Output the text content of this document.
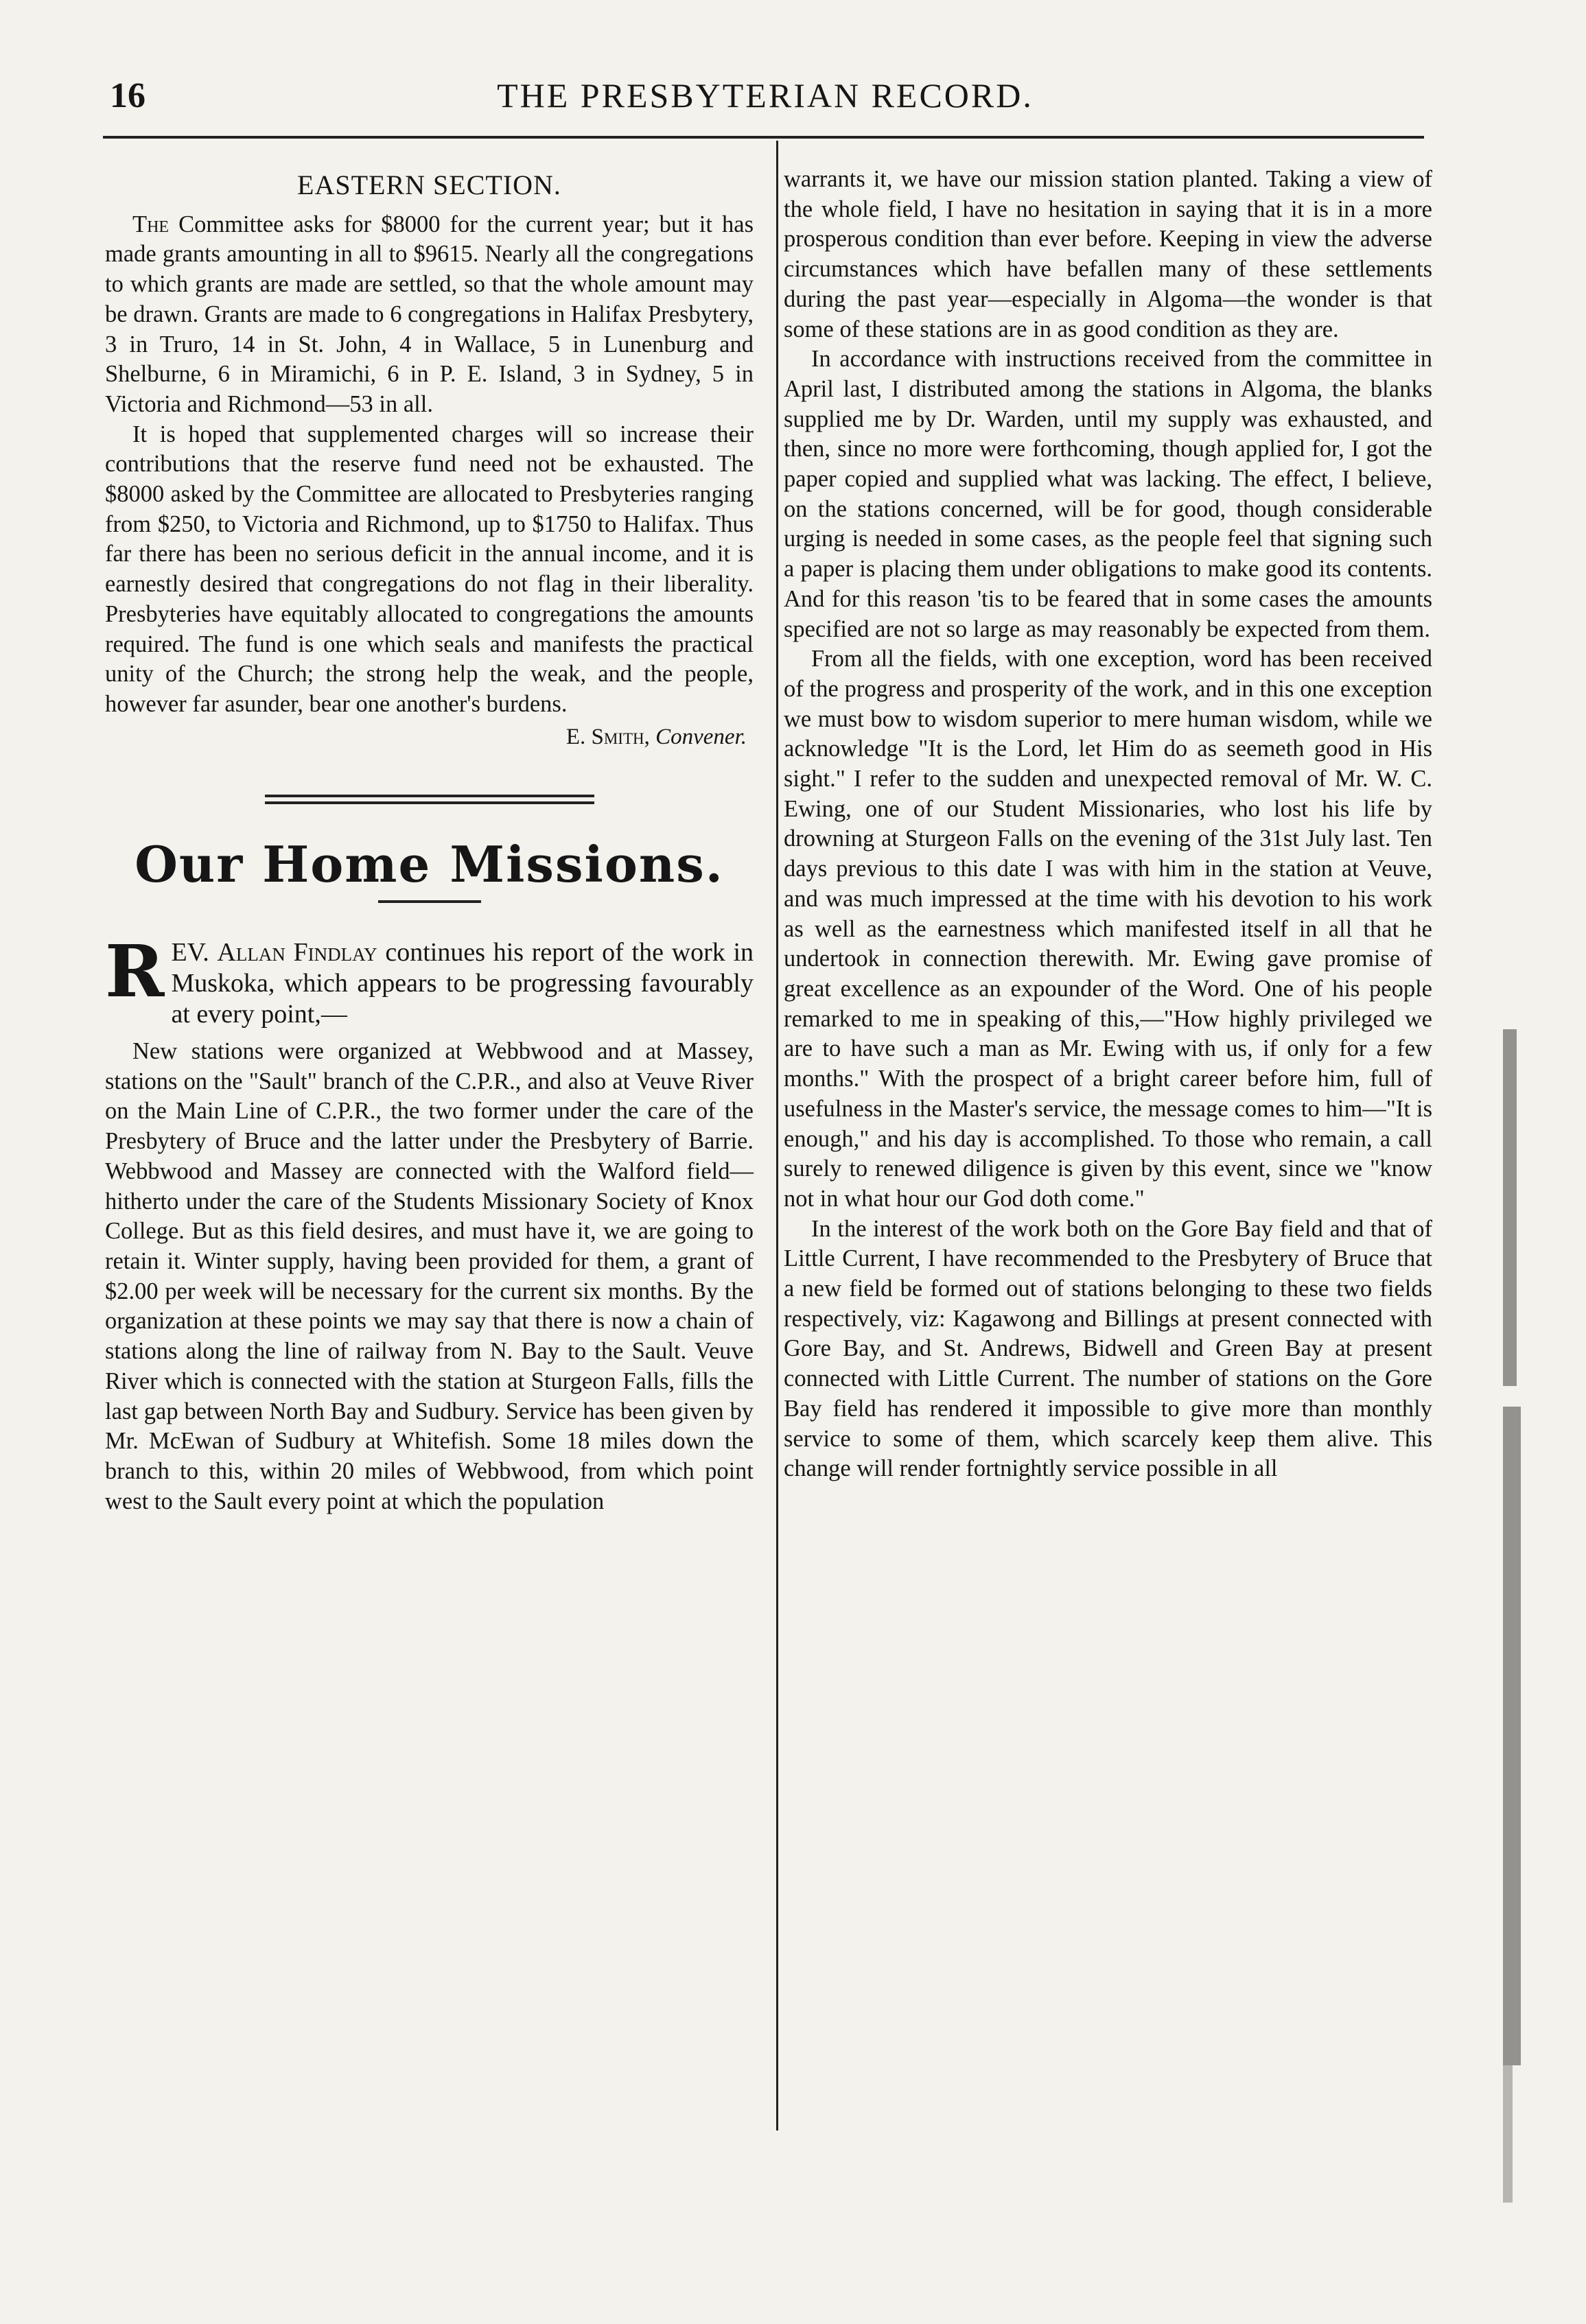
16	THE PRESBYTERIAN RECORD.
EASTERN SECTION.

The Committee asks for $8000 for the current year; but it has made grants amounting in all to $9615. Nearly all the congregations to which grants are made are settled, so that the whole amount may be drawn. Grants are made to 6 congregations in Halifax Presbytery, 3 in Truro, 14 in St. John, 4 in Wallace, 5 in Lunenburg and Shelburne, 6 in Miramichi, 6 in P. E. Island, 3 in Sydney, 5 in Victoria and Richmond—53 in all.

It is hoped that supplemented charges will so increase their contributions that the reserve fund need not be exhausted. The $8000 asked by the Committee are allocated to Presbyteries ranging from $250, to Victoria and Richmond, up to $1750 to Halifax. Thus far there has been no serious deficit in the annual income, and it is earnestly desired that congregations do not flag in their liberality. Presbyteries have equitably allocated to congregations the amounts required. The fund is one which seals and manifests the practical unity of the Church; the strong help the weak, and the people, however far asunder, bear one another's burdens.

E. Smith, Convener.
Our Home Missions.

REV. Allan Findlay continues his report of the work in Muskoka, which appears to be progressing favourably at every point,—

New stations were organized at Webbwood and at Massey, stations on the "Sault" branch of the C.P.R., and also at Veuve River on the Main Line of C.P.R., the two former under the care of the Presbytery of Bruce and the latter under the Presbytery of Barrie. Webbwood and Massey are connected with the Walford field—hitherto under the care of the Students Missionary Society of Knox College. But as this field desires, and must have it, we are going to retain it. Winter supply, having been provided for them, a grant of $2.00 per week will be necessary for the current six months. By the organization at these points we may say that there is now a chain of stations along the line of railway from N. Bay to the Sault. Veuve River which is connected with the station at Sturgeon Falls, fills the last gap between North Bay and Sudbury. Service has been given by Mr. McEwan of Sudbury at Whitefish. Some 18 miles down the branch to this, within 20 miles of Webbwood, from which point west to the Sault every point at which the population

warrants it, we have our mission station planted. Taking a view of the whole field, I have no hesitation in saying that it is in a more prosperous condition than ever before. Keeping in view the adverse circumstances which have befallen many of these settlements during the past year—especially in Algoma—the wonder is that some of these stations are in as good condition as they are.

In accordance with instructions received from the committee in April last, I distributed among the stations in Algoma, the blanks supplied me by Dr. Warden, until my supply was exhausted, and then, since no more were forthcoming, though applied for, I got the paper copied and supplied what was lacking. The effect, I believe, on the stations concerned, will be for good, though considerable urging is needed in some cases, as the people feel that signing such a paper is placing them under obligations to make good its contents. And for this reason 'tis to be feared that in some cases the amounts specified are not so large as may reasonably be expected from them.

From all the fields, with one exception, word has been received of the progress and prosperity of the work, and in this one exception we must bow to wisdom superior to mere human wisdom, while we acknowledge "It is the Lord, let Him do as seemeth good in His sight." I refer to the sudden and unexpected removal of Mr. W. C. Ewing, one of our Student Missionaries, who lost his life by drowning at Sturgeon Falls on the evening of the 31st July last. Ten days previous to this date I was with him in the station at Veuve, and was much impressed at the time with his devotion to his work as well as the earnestness which manifested itself in all that he undertook in connection therewith. Mr. Ewing gave promise of great excellence as an expounder of the Word. One of his people remarked to me in speaking of this,—"How highly privileged we are to have such a man as Mr. Ewing with us, if only for a few months." With the prospect of a bright career before him, full of usefulness in the Master's service, the message comes to him—"It is enough," and his day is accomplished. To those who remain, a call surely to renewed diligence is given by this event, since we "know not in what hour our God doth come."

In the interest of the work both on the Gore Bay field and that of Little Current, I have recommended to the Presbytery of Bruce that a new field be formed out of stations belonging to these two fields respectively, viz: Kagawong and Billings at present connected with Gore Bay, and St. Andrews, Bidwell and Green Bay at present connected with Little Current. The number of stations on the Gore Bay field has rendered it impossible to give more than monthly service to some of them, which scarcely keep them alive. This change will render fortnightly service possible in all
